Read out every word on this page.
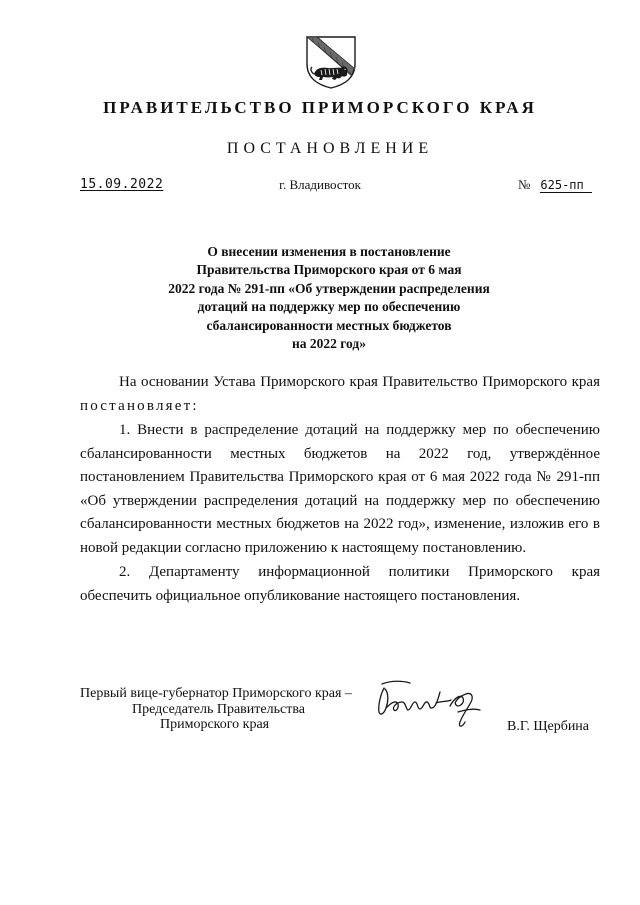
ПРАВИТЕЛЬСТВО ПРИМОРСКОГО КРАЯ
ПОСТАНОВЛЕНИЕ
15.09.2022	г. Владивосток	№ 625-пп
О внесении изменения в постановление
Правительства Приморского края от 6 мая
2022 года № 291-пп «Об утверждении распределения
дотаций на поддержку мер по обеспечению
сбалансированности местных бюджетов
на 2022 год»

На основании Устава Приморского края Правительство Приморского края постановляет:

1. Внести в распределение дотаций на поддержку мер по обеспечению сбалансированности местных бюджетов на 2022 год, утверждённое постановлением Правительства Приморского края от 6 мая 2022 года № 291-пп «Об утверждении распределения дотаций на поддержку мер по обеспечению сбалансированности местных бюджетов на 2022 год», изменение, изложив его в новой редакции согласно приложению к настоящему постановлению.

2. Департаменту информационной политики Приморского края обеспечить официальное опубликование настоящего постановления.

Первый вице-губернатор Приморского края –
Председатель Правительства
Приморского края	В.Г. Щербина
